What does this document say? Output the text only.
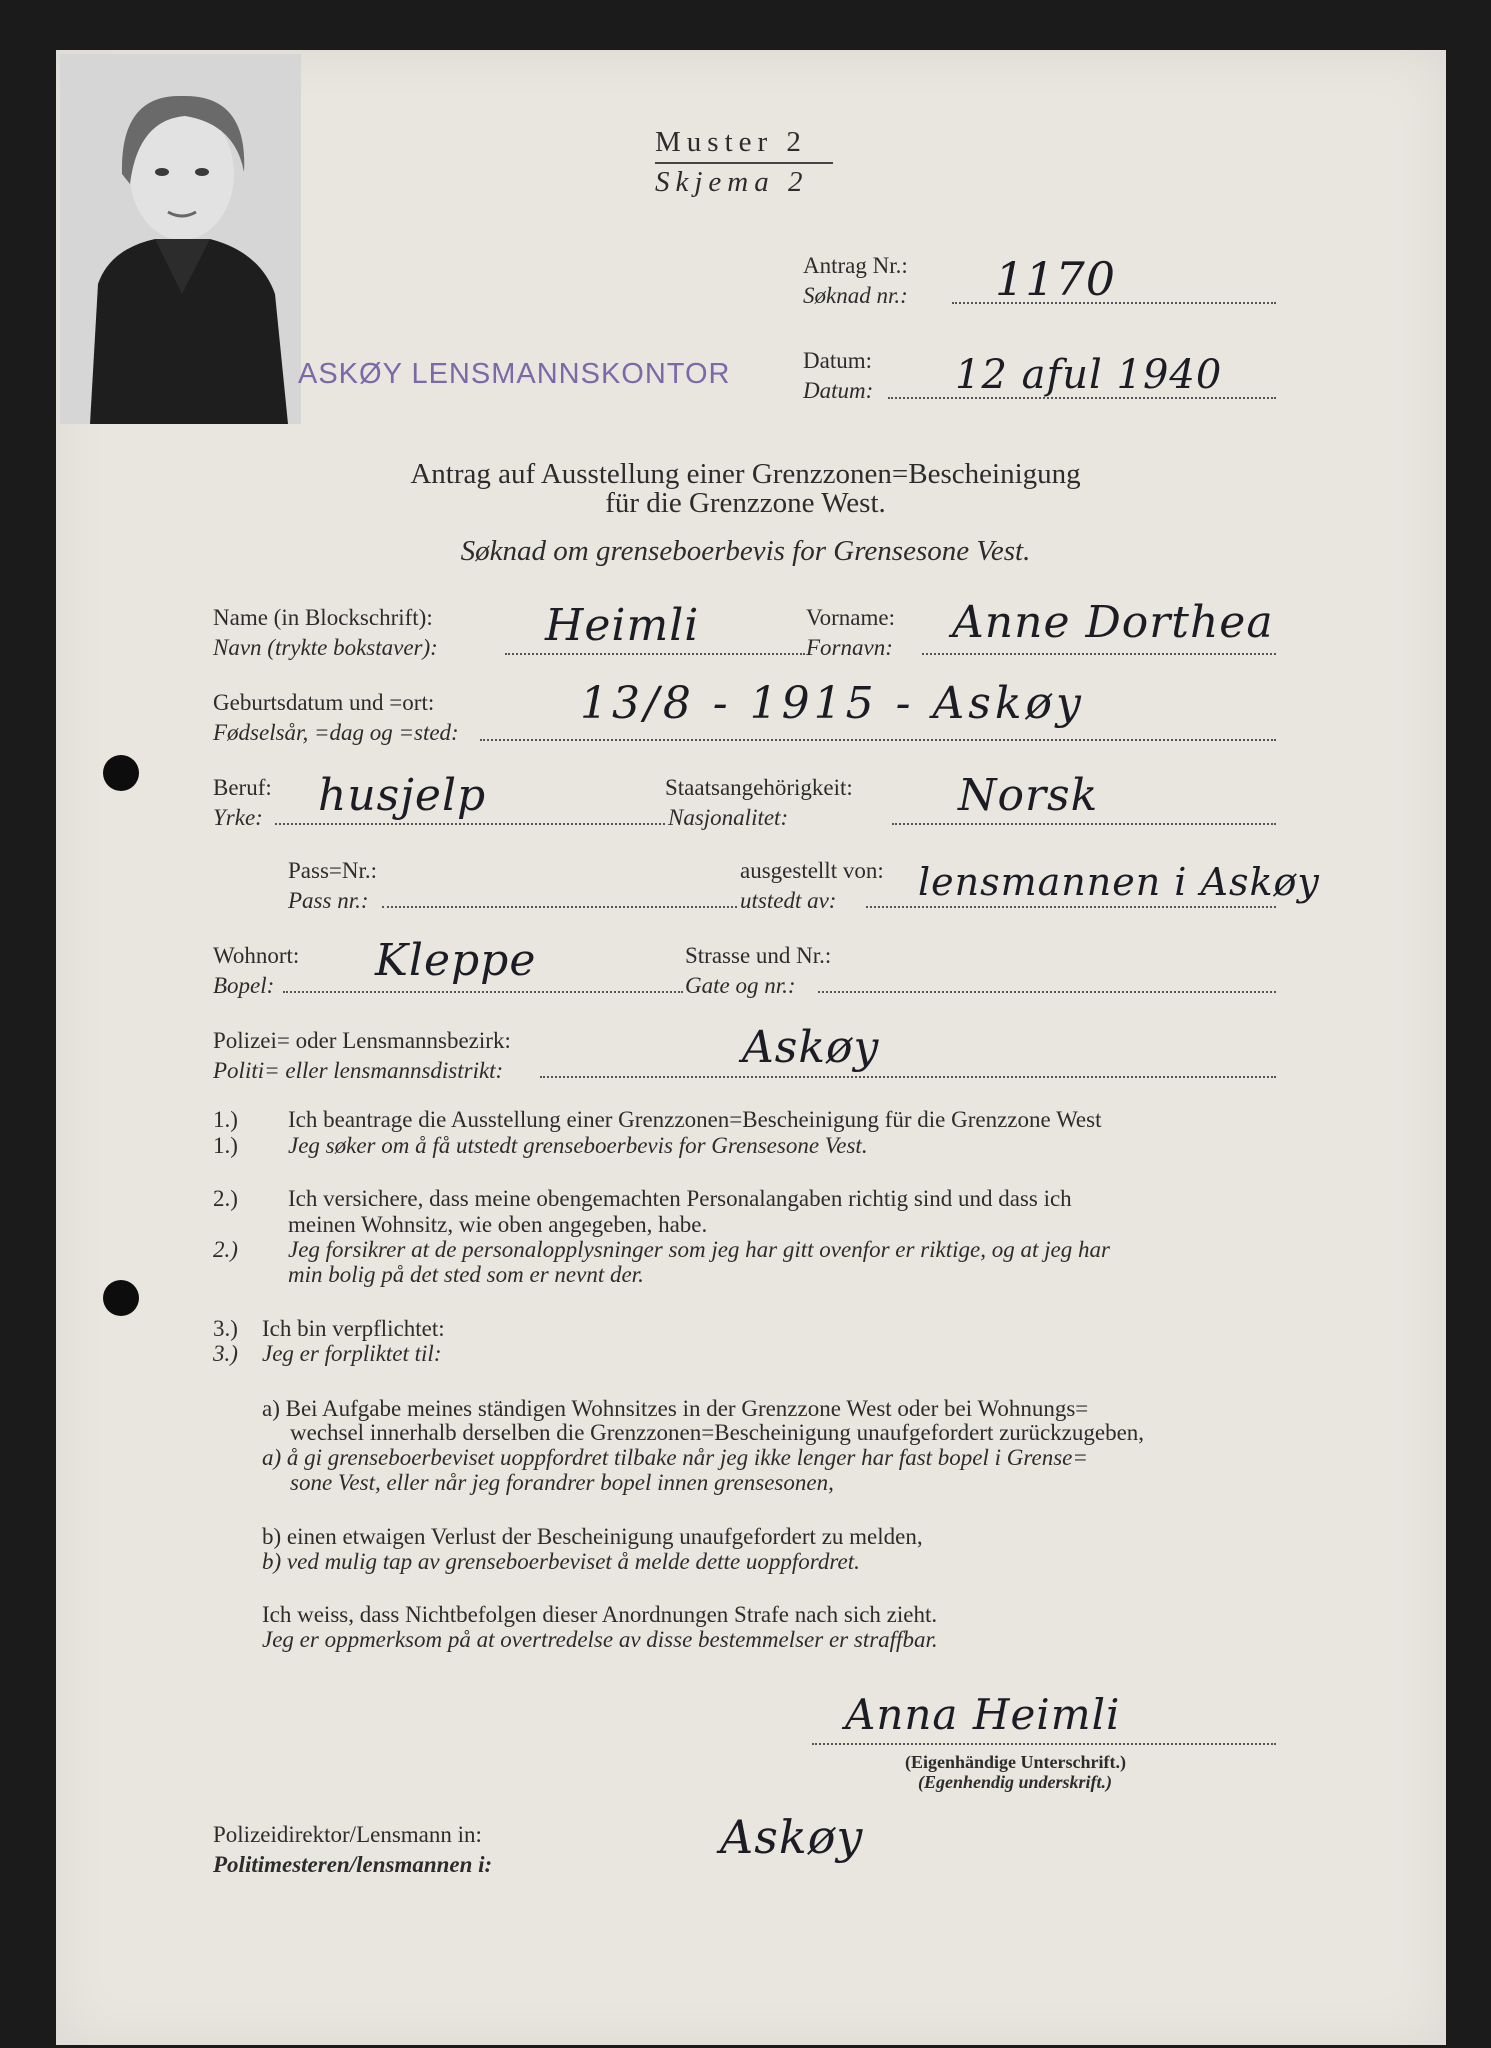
ASKØY LENSMANNSKONTOR
Muster 2
Skjema 2
Antrag Nr.:
Søknad nr.: 1170
Datum:
Datum: 12 aful 1940
Antrag auf Ausstellung einer Grenzzonen=Bescheinigung
für die Grenzzone West.
Søknad om grenseboerbevis for Grensesone Vest.
Name (in Blockschrift):
Navn (trykte bokstaver): Heimli	Vorname:
Fornavn: Anne Dorthea
Geburtsdatum und =ort:
Fødselsår, =dag og =sted:
13/8 - 1915 - Askøy
Beruf:
Yrke: husjelp	Staatsangehörigkeit:
Nasjonalitet:	Norsk
Pass=Nr.:
Pass nr.:
ausgestellt von:
utstedt av: lensmannen i Askøy
Wohnort:
Bopel: Kleppe	Strasse und Nr.:
Gate og nr.:
Polizei= oder Lensmannsbezirk:
Politi= eller lensmannsdistrikt:	Askøy
1.) Ich beantrage die Ausstellung einer Grenzzonen=Bescheinigung für die Grenzzone West
1.) Jeg søker om å få utstedt grenseboerbevis for Grensesone Vest.
2.) Ich versichere, dass meine obengemachten Personalangaben richtig sind und dass ich
meinen Wohnsitz, wie oben angegeben, habe.
2.) Jeg forsikrer at de personalopplysninger som jeg har gitt ovenfor er riktige, og at jeg har
min bolig på det sted som er nevnt der.
3.) Ich bin verpflichtet:
3.) Jeg er forpliktet til:
a) Bei Aufgabe meines ständigen Wohnsitzes in der Grenzzone West oder bei Wohnungs=
wechsel innerhalb derselben die Grenzzonen=Bescheinigung unaufgefordert zurückzugeben,
a) å gi grenseboerbeviset uoppfordret tilbake når jeg ikke lenger har fast bopel i Grense=
sone Vest, eller når jeg forandrer bopel innen grensesonen,
b) einen etwaigen Verlust der Bescheinigung unaufgefordert zu melden,
b) ved mulig tap av grenseboerbeviset å melde dette uoppfordret.
Ich weiss, dass Nichtbefolgen dieser Anordnungen Strafe nach sich zieht.
Jeg er oppmerksom på at overtredelse av disse bestemmelser er straffbar.
Anna Heimli
(Eigenhändige Unterschrift.)
(Egenhendig underskrift.)
Polizeidirektor/Lensmann in:
Politimesteren/lensmannen i:
Askøy
